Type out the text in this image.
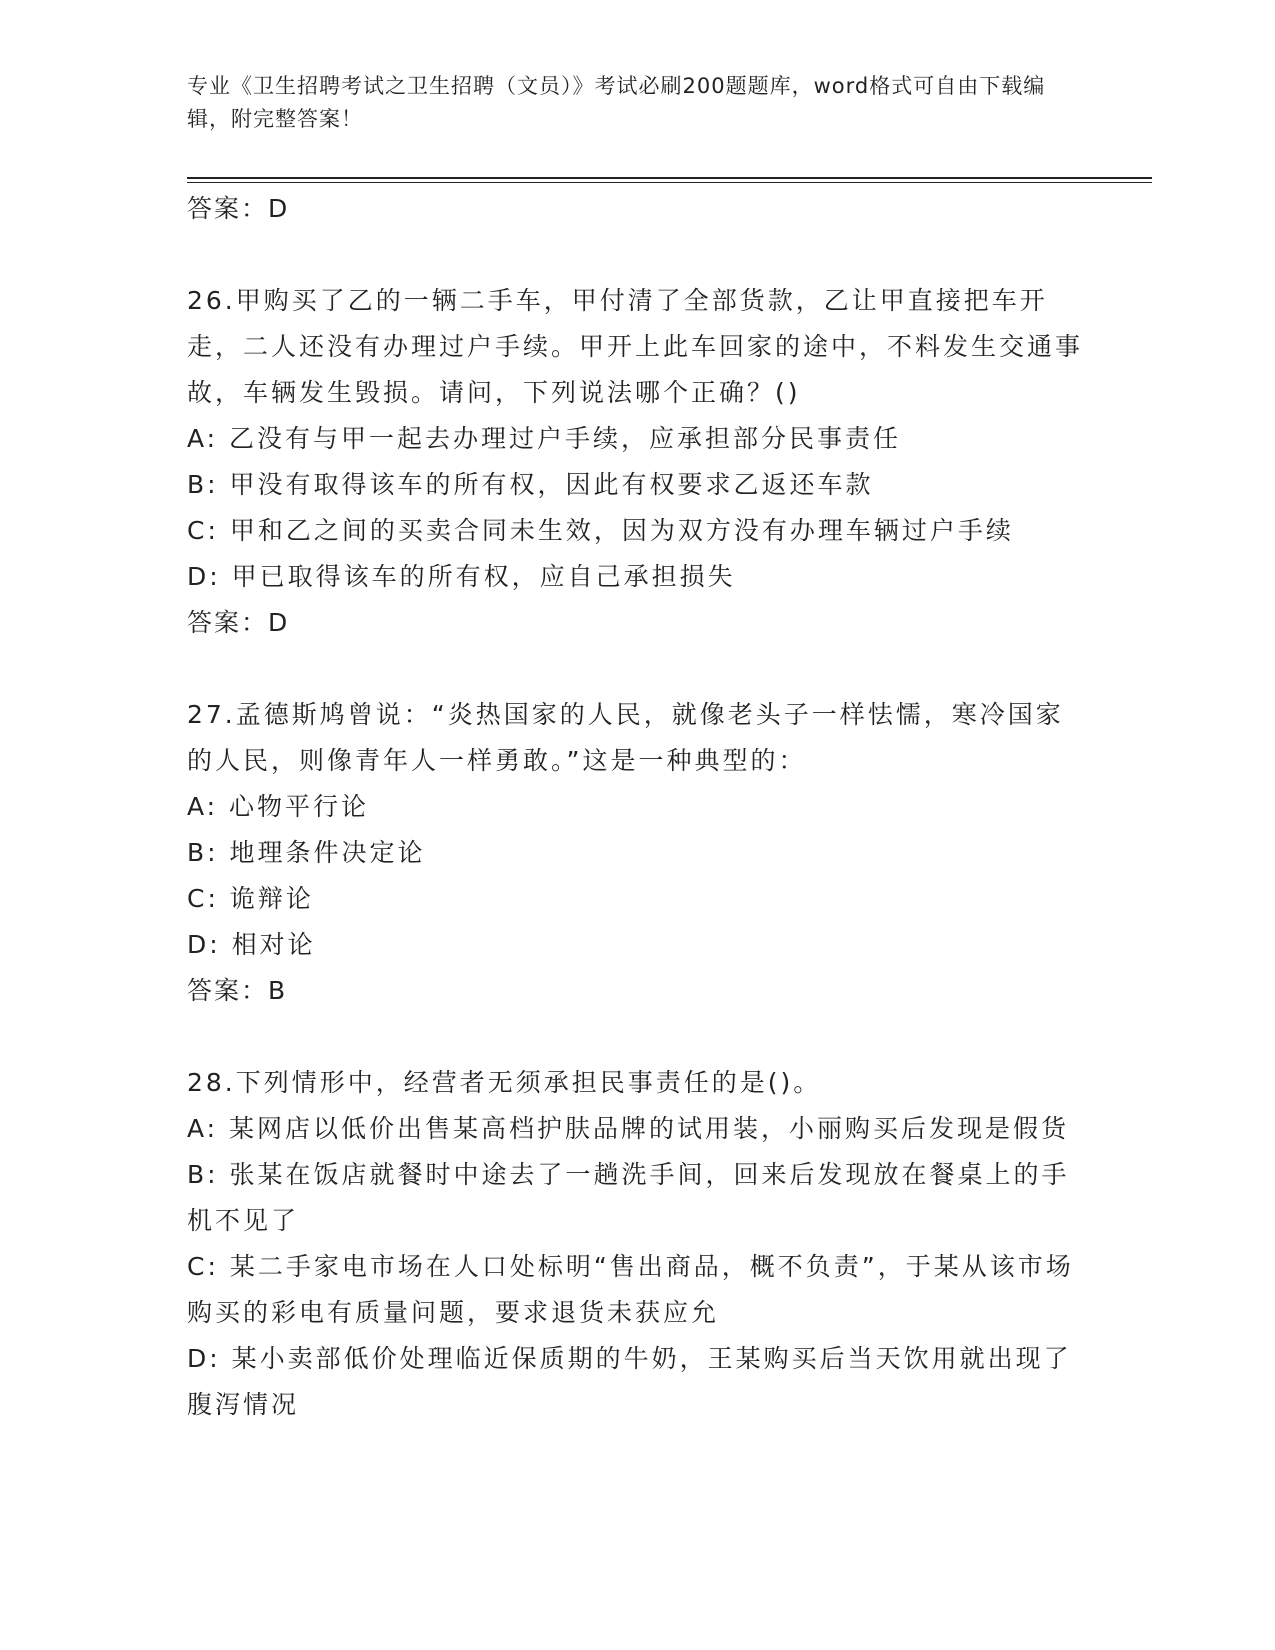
专业《卫生招聘考试之卫生招聘（文员）》考试必刷200题题库，word格式可自由下载编辑，附完整答案！
答案：D
26.甲购买了乙的一辆二手车，甲付清了全部货款，乙让甲直接把车开走，二人还没有办理过户手续。甲开上此车回家的途中，不料发生交通事故，车辆发生毁损。请问，下列说法哪个正确？()
A: 乙没有与甲一起去办理过户手续，应承担部分民事责任
B: 甲没有取得该车的所有权，因此有权要求乙返还车款
C: 甲和乙之间的买卖合同未生效，因为双方没有办理车辆过户手续
D: 甲已取得该车的所有权，应自己承担损失
答案：D
27.孟德斯鸠曾说：“炎热国家的人民，就像老头子一样怯懦，寒冷国家的人民，则像青年人一样勇敢。”这是一种典型的：
A: 心物平行论
B: 地理条件决定论
C: 诡辩论
D: 相对论
答案：B
28.下列情形中，经营者无须承担民事责任的是()。
A: 某网店以低价出售某高档护肤品牌的试用装，小丽购买后发现是假货
B: 张某在饭店就餐时中途去了一趟洗手间，回来后发现放在餐桌上的手机不见了
C: 某二手家电市场在人口处标明“售出商品，概不负责”，于某从该市场购买的彩电有质量问题，要求退货未获应允
D: 某小卖部低价处理临近保质期的牛奶，王某购买后当天饮用就出现了腹泻情况
